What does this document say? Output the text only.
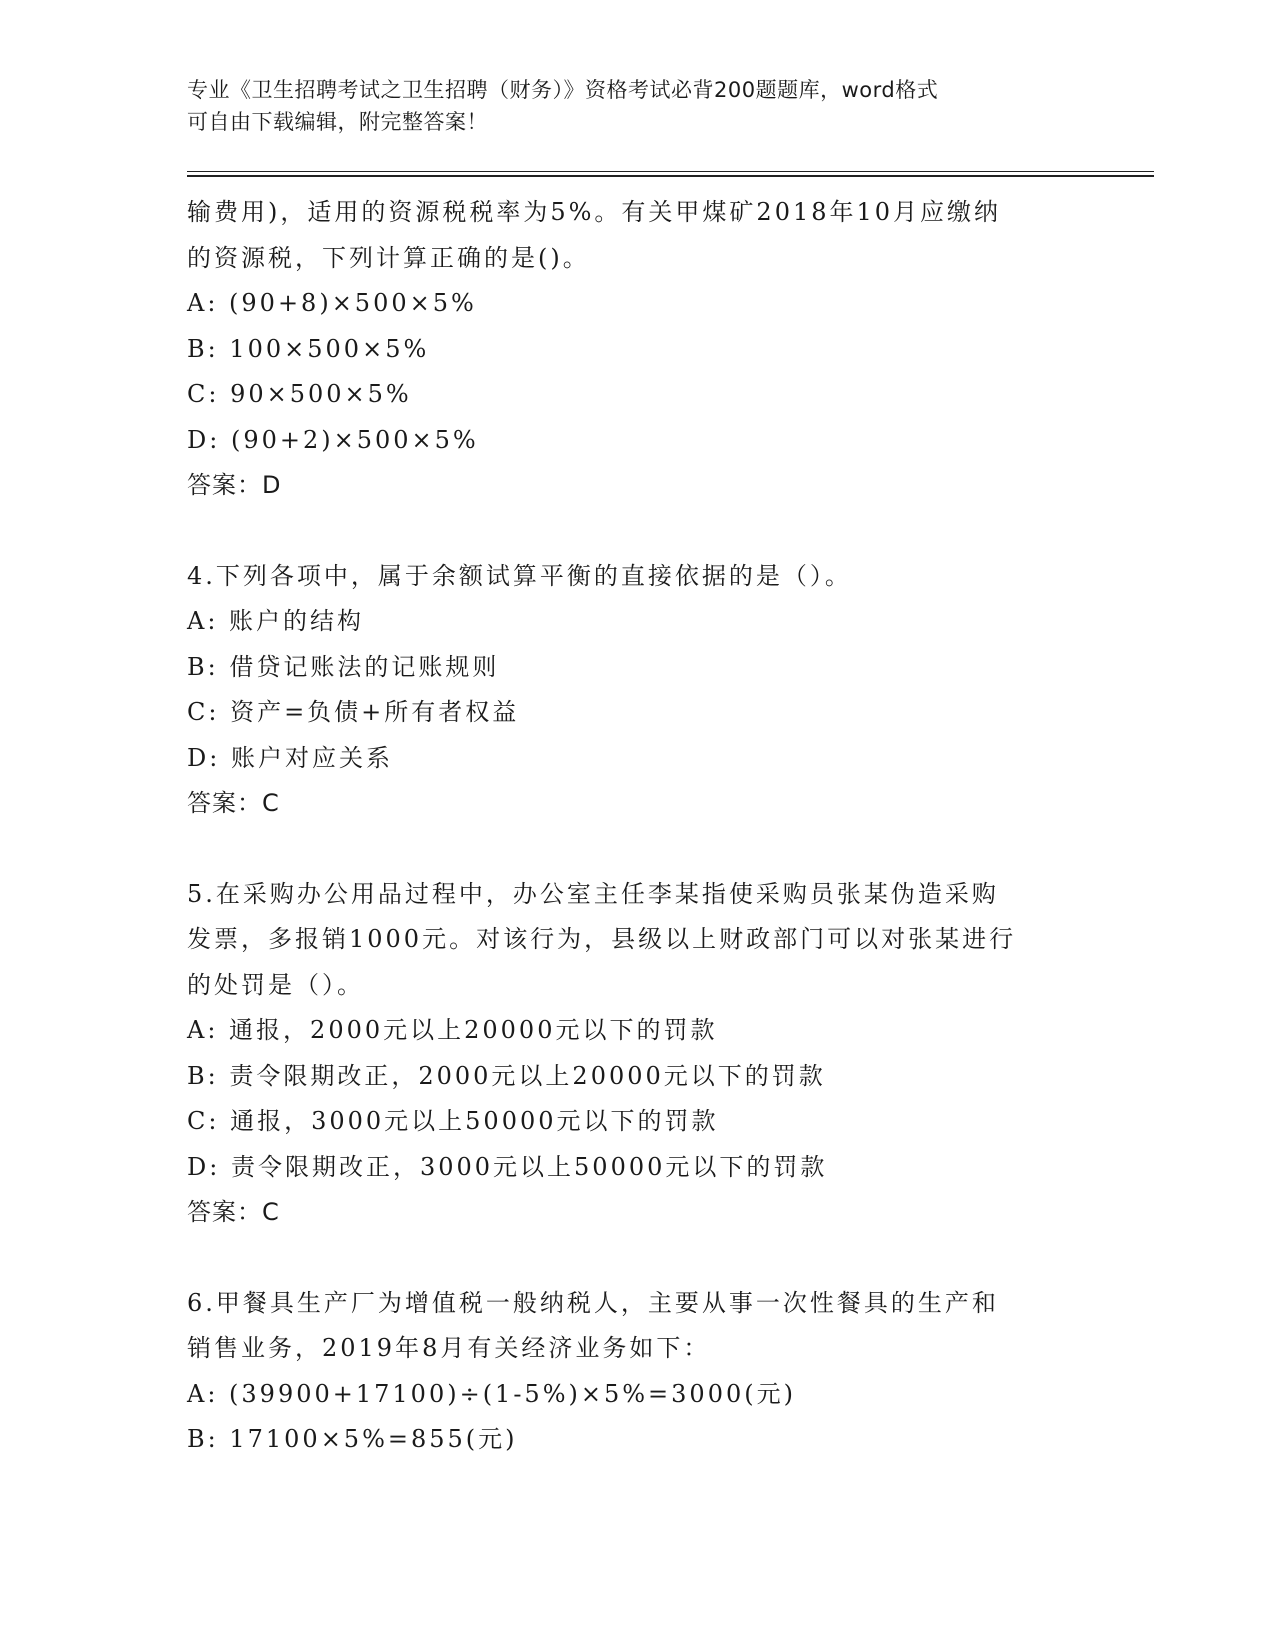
专业《卫生招聘考试之卫生招聘（财务）》资格考试必背200题题库，word格式
可自由下载编辑，附完整答案！
输费用)，适用的资源税税率为5%。有关甲煤矿2018年10月应缴纳
的资源税，下列计算正确的是()。
A: (90+8)×500×5%
B: 100×500×5%
C: 90×500×5%
D: (90+2)×500×5%
答案：D
4.下列各项中，属于余额试算平衡的直接依据的是（）。
A: 账户的结构
B: 借贷记账法的记账规则
C: 资产=负债+所有者权益
D: 账户对应关系
答案：C
5.在采购办公用品过程中，办公室主任李某指使采购员张某伪造采购
发票，多报销1000元。对该行为，县级以上财政部门可以对张某进行
的处罚是（）。
A: 通报，2000元以上20000元以下的罚款
B: 责令限期改正，2000元以上20000元以下的罚款
C: 通报，3000元以上50000元以下的罚款
D: 责令限期改正，3000元以上50000元以下的罚款
答案：C
6.甲餐具生产厂为增值税一般纳税人，主要从事一次性餐具的生产和
销售业务，2019年8月有关经济业务如下：
A: (39900+17100)÷(1-5%)×5%=3000(元)
B: 17100×5%=855(元)
